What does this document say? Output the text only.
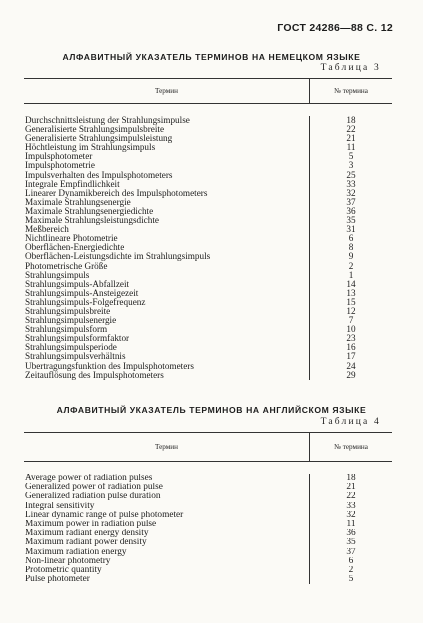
ГОСТ 24286—88 С. 12
АЛФАВИТНЫЙ УКАЗАТЕЛЬ ТЕРМИНОВ НА НЕМЕЦКОМ ЯЗЫКЕ
Таблица 3
Термин	№ термина
Durchschnittsleistung der Strahlungsimpulse
Generalisierte Strahlungsimpulsbreite
Generalisierte Strahlungsimpulsleistung
Höchtleistung im Strahlungsimpuls
Impulsphotometer
Impulsphotometrie
Impulsverhalten des Impulsphotometers
Integrale Empfindlichkeit
Linearer Dynamikbereich des Impulsphotometers
Maximale Strahlungsenergie
Maximale Strahlungsenergiedichte
Maximale Strahlungsleistungsdichte
Meßbereich
Nichtlineare Photometrie
Oberflächen-Energiedichte
Oberflächen-Leistungsdichte im Strahlungsimpuls
Photometrische Größe
Strahlungsimpuls
Strahlungsimpuls-Abfallzeit
Strahlungsimpuls-Ansteigezeit
Strahlungsimpuls-Folgefrequenz
Strahlungsimpulsbreite
Strahlungsimpulsenergie
Strahlungsimpulsform
Strahlungsimpulsformfaktor
Strahlungsimpulsperiode
Strahlungsimpulsverhältnis
Übertragungsfunktion des Impulsphotometers
Zeitauflösung des Impulsphotometers
18
22
21
11
5
3
25
33
32
37
36
35
31
6
8
9
2
1
14
13
15
12
7
10
23
16
17
24
29
АЛФАВИТНЫЙ УКАЗАТЕЛЬ ТЕРМИНОВ НА АНГЛИЙСКОМ ЯЗЫКЕ
Таблица 4
Термин	№ термина
Average power of radiation pulses
Generalized power of radiation pulse
Generalized radiation pulse duration
Integral sensitivity
Linear dynamic range of pulse photometer
Maximum power in radiation pulse
Maximum radiant energy density
Maximum radiant power density
Maximum radiation energy
Non-linear photometry
Protometric quantity
Pulse photometer
18
21
22
33
32
11
36
35
37
6
2
5
